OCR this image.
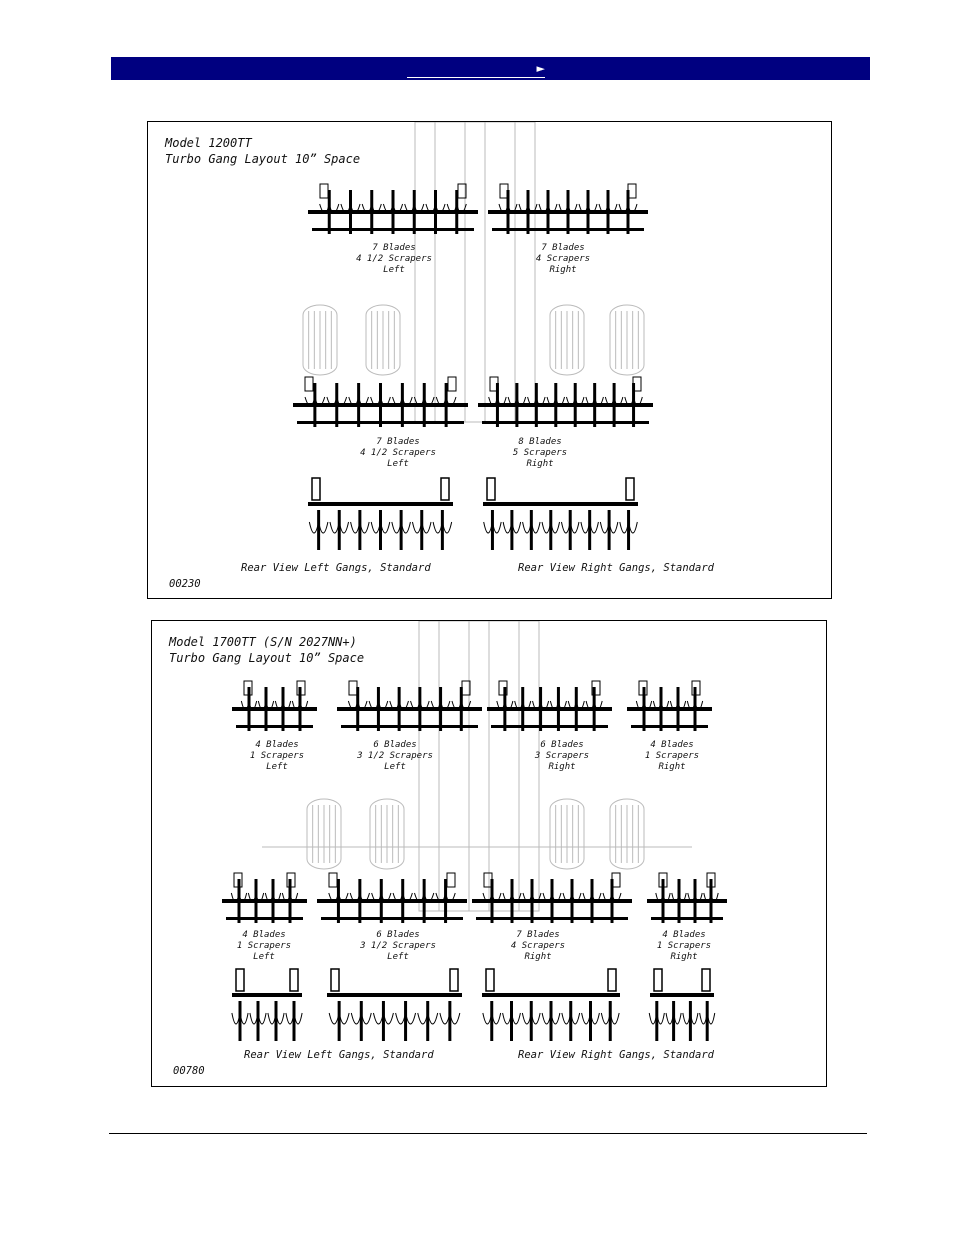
►
Model 1200TT
Turbo Gang Layout 10” Space
7 Blades
4 1/2 Scrapers
Left
7 Blades
4 Scrapers
Right
7 Blades
4 1/2 Scrapers
Left
8 Blades
5 Scrapers
Right
Rear View Left Gangs, Standard	Rear View Right Gangs, Standard
00230
Model 1700TT (S/N 2027NN+)
Turbo Gang Layout 10” Space
4 Blades
1 Scrapers
Left
6 Blades
3 1/2 Scrapers
Left
6 Blades
3 Scrapers
Right
4 Blades
1 Scrapers
Right
4 Blades
1 Scrapers
Left
6 Blades
3 1/2 Scrapers
Left
7 Blades
4 Scrapers
Right
4 Blades
1 Scrapers
Right
Rear View Left Gangs, Standard	Rear View Right Gangs, Standard
00780
